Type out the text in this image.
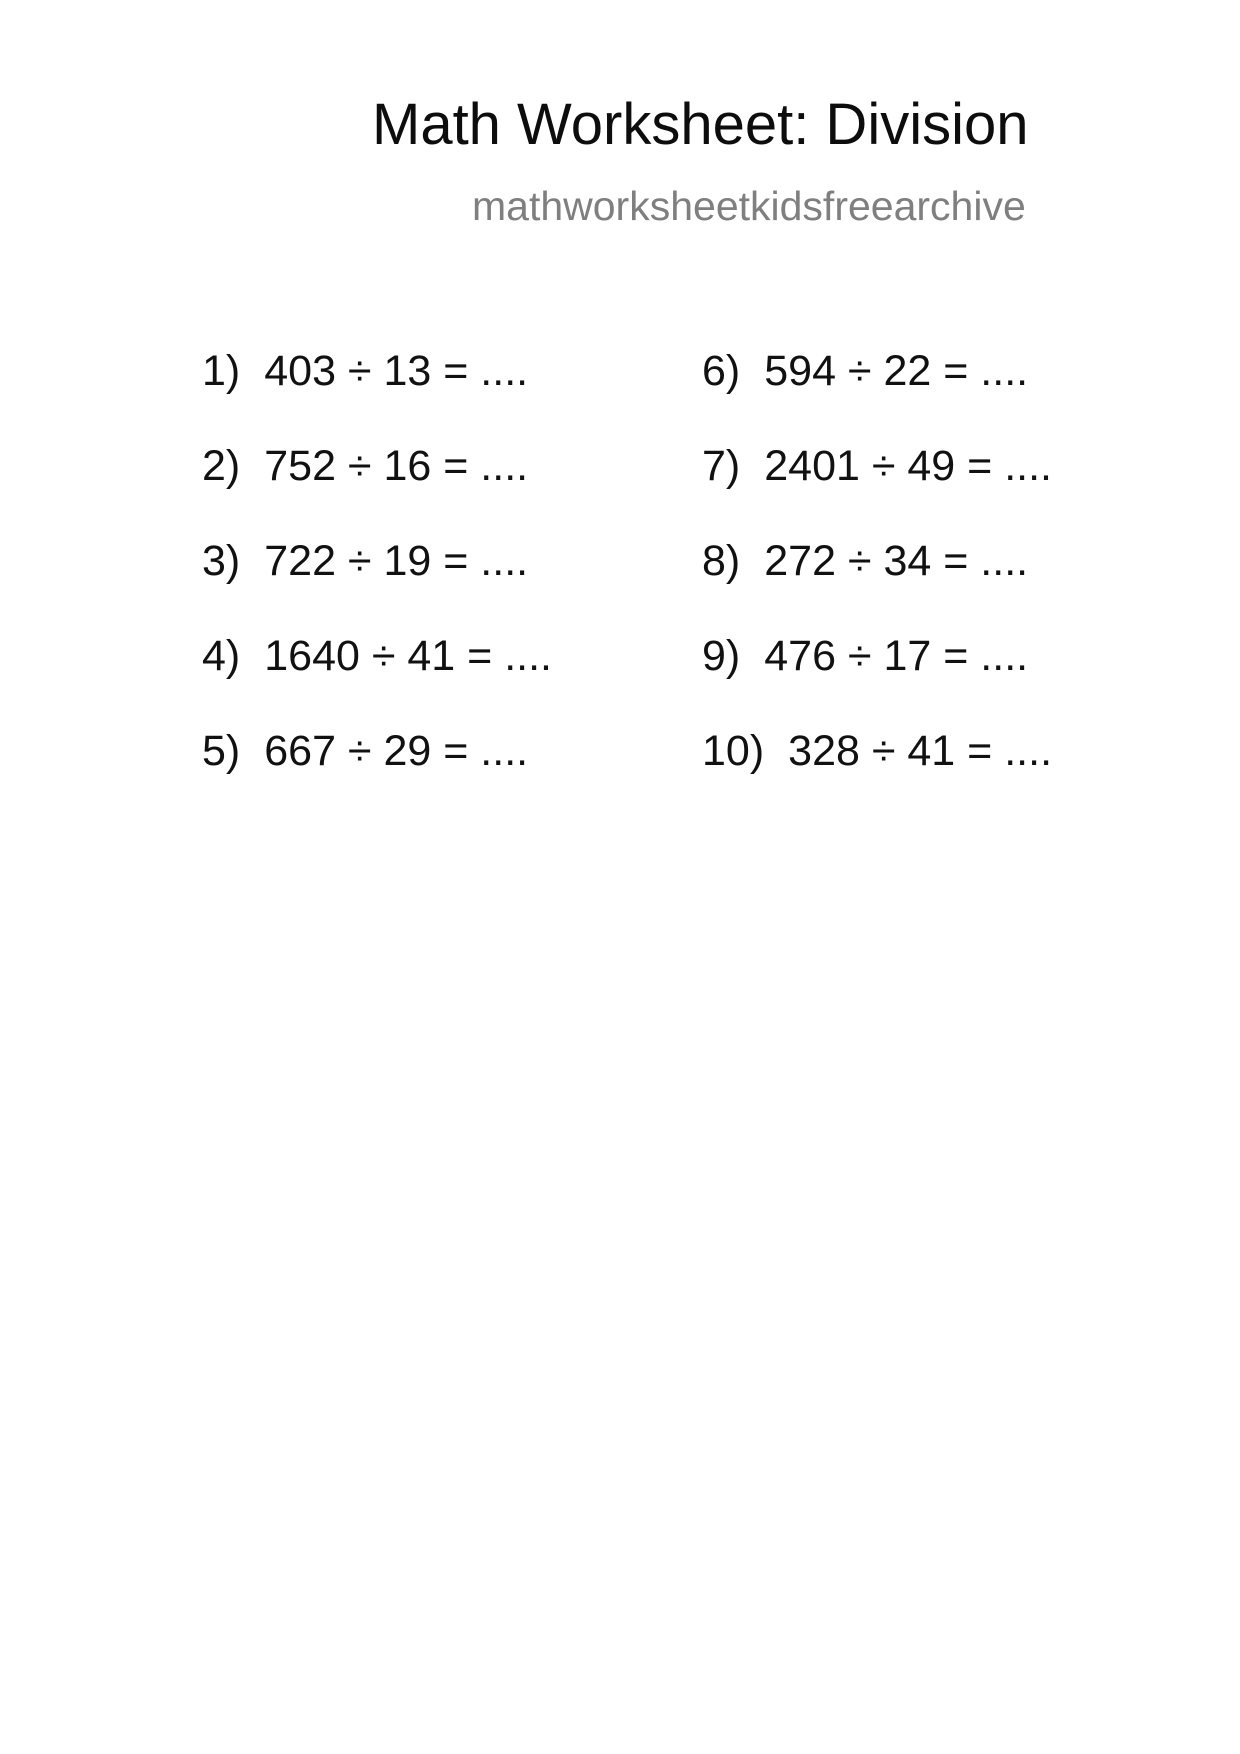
Math Worksheet: Division
mathworksheetkidsfreearchive
1) 403 ÷ 13 = ....
2) 752 ÷ 16 = ....
3) 722 ÷ 19 = ....
4) 1640 ÷ 41 = ....
5) 667 ÷ 29 = ....
6) 594 ÷ 22 = ....
7) 2401 ÷ 49 = ....
8) 272 ÷ 34 = ....
9) 476 ÷ 17 = ....
10) 328 ÷ 41 = ....
